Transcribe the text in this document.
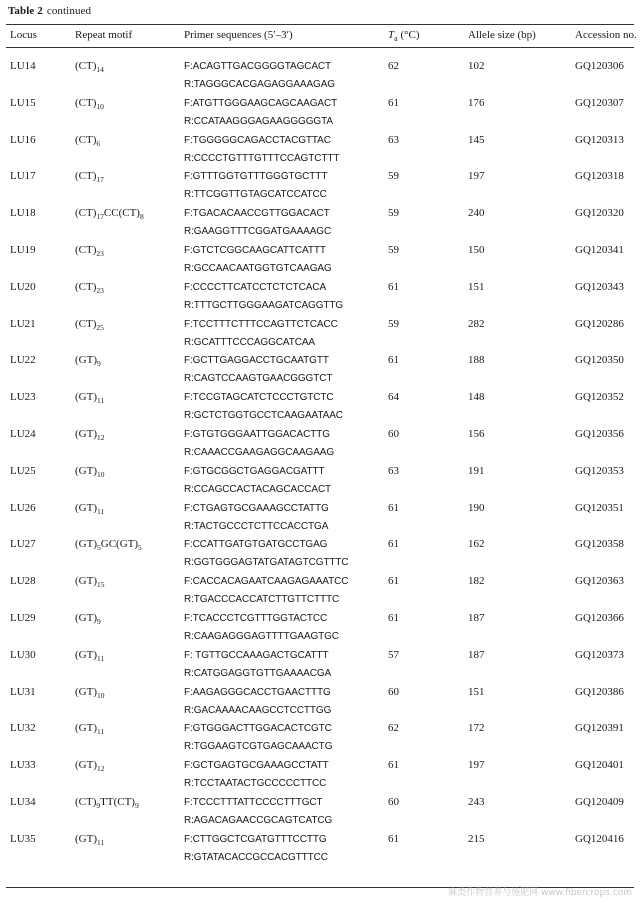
Table 2 continued
Locus	Repeat motif	Primer sequences (5′–3′)	$T_a$ (°C)	Allele size (bp)	Accession no.
LU14	$(CT)_{14}$	F:ACAGTTGACGGGGTAGCACT
R:TAGGGCACGAGAGGAAAGAG
62	102	GQ120306
LU15	$(CT)_{10}$	F:ATGTTGGGAAGCAGCAAGACT
R:CCATAAGGGAGAAGGGGGTA
61	176	GQ120307
LU16	$(CT)_6$	F:TGGGGGCAGACCTACGTTAC
R:CCCCTGTTTGTTTCCAGTCTTT
63	145	GQ120313
LU17	$(CT)_{17}$	F:GTTTGGTGTTTGGGTGCTTT
R:TTCGGTTGTAGCATCCATCC
59	197	GQ120318
LU18	$(CT)_{17}CC(CT)_8$	F:TGACACAACCGTTGGACACT
R:GAAGGTTTCGGATGAAAAGC
59	240	GQ120320
LU19	$(CT)_{23}$	F:GTCTCGGCAAGCATTCATTT
R:GCCAACAATGGTGTCAAGAG
59	150	GQ120341
LU20	$(CT)_{23}$	F:CCCCTTCATCCTCTCTCACA
R:TTTGCTTGGGAAGATCAGGTTG
61	151	GQ120343
LU21	$(CT)_{25}$	F:TCCTTTCTTTCCAGTTCTCACC
R:GCATTTCCCAGGCATCAA
59	282	GQ120286
LU22	$(GT)_9$	F:GCTTGAGGACCTGCAATGTT
R:CAGTCCAAGTGAACGGGTCT
61	188	GQ120350
LU23	$(GT)_{11}$	F:TCCGTAGCATCTCCCTGTCTC
R:GCTCTGGTGCCTCAAGAATAAC
64	148	GQ120352
LU24	$(GT)_{12}$	F:GTGTGGGAATTGGACACTTG
R:CAAACCGAAGAGGCAAGAAG
60	156	GQ120356
LU25	$(GT)_{10}$	F:GTGCGGCTGAGGACGATTT
R:CCAGCCACTACAGCACCACT
63	191	GQ120353
LU26	$(GT)_{11}$	F:CTGAGTGCGAAAGCCTATTG
R:TACTGCCCTCTTCCACCTGA
61	190	GQ120351
LU27	$(GT)_5GC(GT)_5$	F:CCATTGATGTGATGCCTGAG
R:GGTGGGAGTATGATAGTCGTTTC
61	162	GQ120358
LU28	$(GT)_{15}$	F:CACCACAGAATCAAGAGAAATCC
R:TGACCCACCATCTTGTTCTTTC
61	182	GQ120363
LU29	$(GT)_9$	F:TCACCCTCGTTTGGTACTCC
R:CAAGAGGGAGTTTTGAAGTGC
61	187	GQ120366
LU30	$(GT)_{11}$	F: TGTTGCCAAAGACTGCATTT
R:CATGGAGGTGTTGAAAACGA
57	187	GQ120373
LU31	$(GT)_{10}$	F:AAGAGGGCACCTGAACTTTG
R:GACAAAACAAGCCTCCTTGG
60	151	GQ120386
LU32	$(GT)_{11}$	F:GTGGGACTTGGACACTCGTC
R:TGGAAGTCGTGAGCAAACTG
62	172	GQ120391
LU33	$(GT)_{12}$	F:GCTGAGTGCGAAAGCCTATT
R:TCCTAATACTGCCCCCTTCC
61	197	GQ120401
LU34	$(CT)_9TT(CT)_9$	F:TCCCTTTATTCCCCTTTGCT
R:AGACAGAACCGCAGTCATCG
60	243	GQ120409
LU35	$(GT)_{11}$	F:CTTGGCTCGATGTTTCCTTG
R:GTATACACCGCCACGTTTCC
61	215	GQ120416
麻类作物营养与施肥网 www.fibercrops.com
